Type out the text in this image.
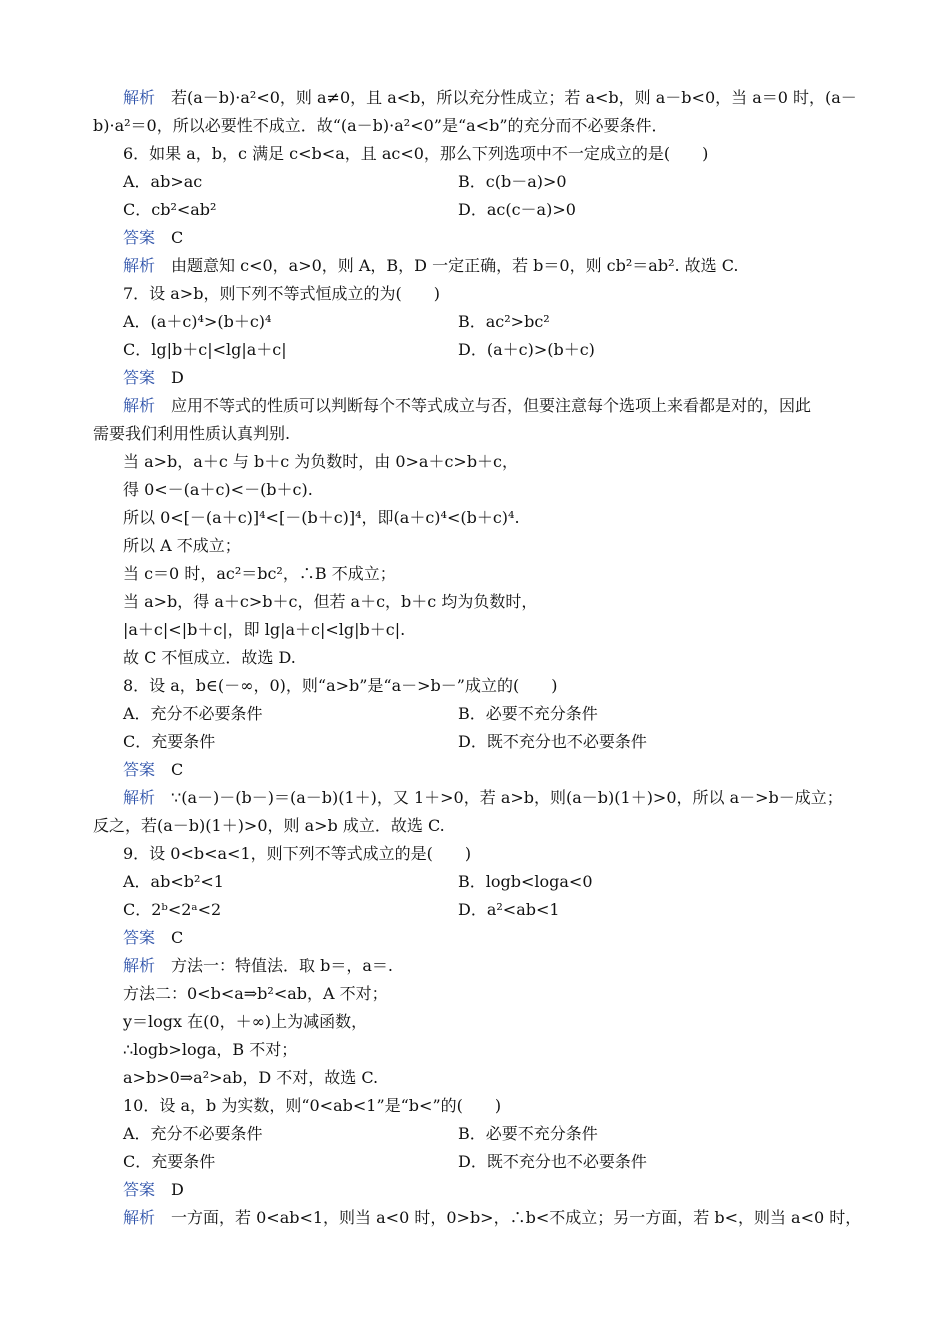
解析 若(a－b)·a²<0，则 a≠0，且 a<b，所以充分性成立；若 a<b，则 a－b<0，当 a＝0 时，(a－
b)·a²＝0，所以必要性不成立．故“(a－b)·a²<0”是“a<b”的充分而不必要条件．
6．如果 a，b，c 满足 c<b<a，且 ac<0，那么下列选项中不一定成立的是(　　)
A．ab>ac	B．c(b－a)>0
C．cb²<ab²	D．ac(c－a)>0
答案 C
解析 由题意知 c<0，a>0，则 A，B，D 一定正确，若 b＝0，则 cb²＝ab². 故选 C.
7．设 a>b，则下列不等式恒成立的为(　　)
A．(a＋c)⁴>(b＋c)⁴	B．ac²>bc²
C．lg|b＋c|<lg|a＋c|	D．(a＋c)>(b＋c)
答案 D
解析 应用不等式的性质可以判断每个不等式成立与否，但要注意每个选项上来看都是对的，因此
需要我们利用性质认真判别.
当 a>b，a＋c 与 b＋c 为负数时，由 0>a＋c>b＋c，
得 0<－(a＋c)<－(b＋c).
所以 0<[－(a＋c)]⁴<[－(b＋c)]⁴，即(a＋c)⁴<(b＋c)⁴.
所以 A 不成立；
当 c＝0 时，ac²＝bc²，∴B 不成立；
当 a>b，得 a＋c>b＋c，但若 a＋c，b＋c 均为负数时，
|a＋c|<|b＋c|，即 lg|a＋c|<lg|b＋c|.
故 C 不恒成立．故选 D.
8．设 a，b∈(－∞，0)，则“a>b”是“a－>b－”成立的(　　)
A．充分不必要条件	B．必要不充分条件
C．充要条件	D．既不充分也不必要条件
答案 C
解析 ∵(a－)－(b－)＝(a－b)(1＋)，又 1＋>0，若 a>b，则(a－b)(1＋)>0，所以 a－>b－成立；
反之，若(a－b)(1＋)>0，则 a>b 成立．故选 C.
9．设 0<b<a<1，则下列不等式成立的是(　　)
A．ab<b²<1	B．logb<loga<0
C．2ᵇ<2ᵃ<2	D．a²<ab<1
答案 C
解析 方法一：特值法．取 b＝，a＝.
方法二：0<b<a⇒b²<ab，A 不对；
y＝logx 在(0，＋∞)上为减函数，
∴logb>loga，B 不对；
a>b>0⇒a²>ab，D 不对，故选 C.
10．设 a，b 为实数，则“0<ab<1”是“b<”的(　　)
A．充分不必要条件	B．必要不充分条件
C．充要条件	D．既不充分也不必要条件
答案 D
解析 一方面，若 0<ab<1，则当 a<0 时，0>b>，∴b<不成立；另一方面，若 b<，则当 a<0 时，
